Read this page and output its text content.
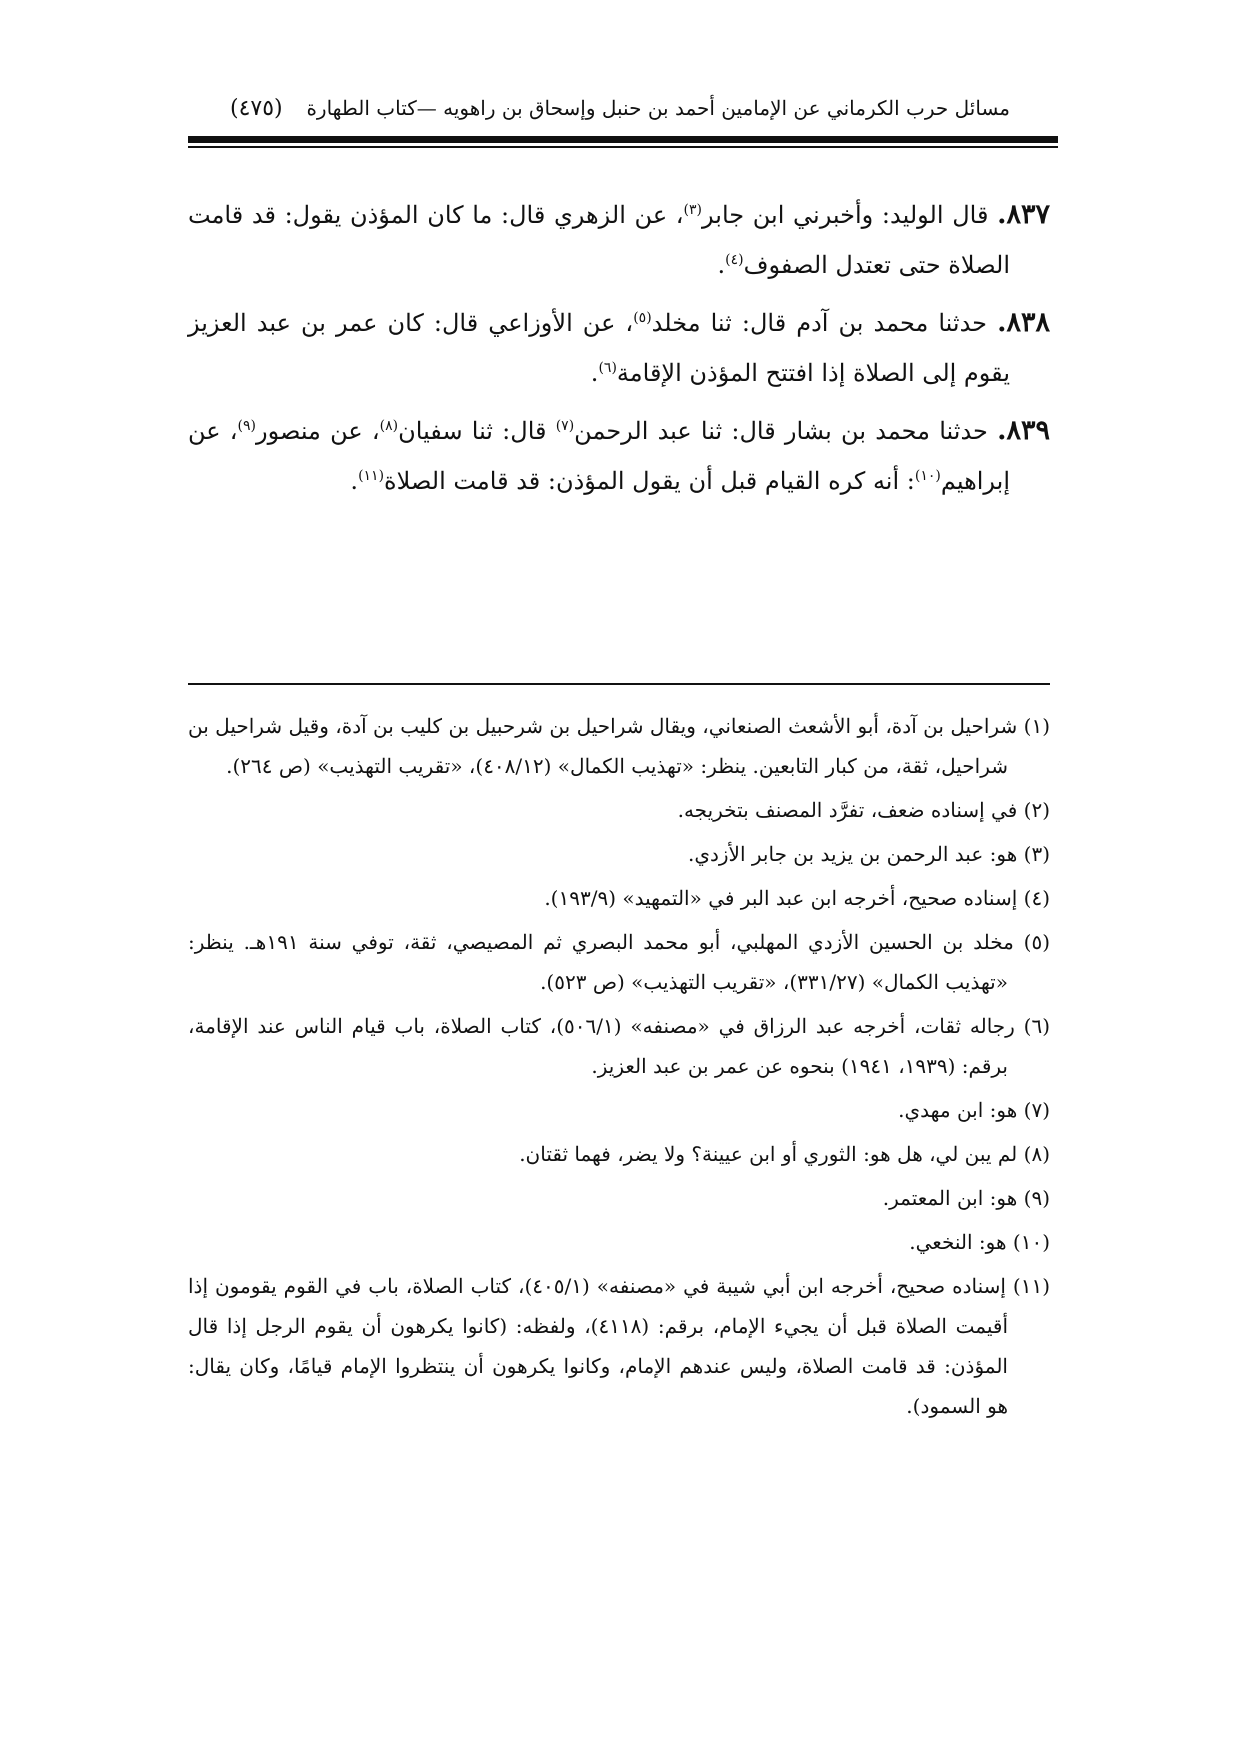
مسائل حرب الكرماني عن الإمامين أحمد بن حنبل وإسحاق بن راهويه —كتاب الطهارة
(٤٧٥)

٨٣٧. قال الوليد: وأخبرني ابن جابر$^{(٣)}$، عن الزهري قال: ما كان المؤذن يقول: قد قامت الصلاة حتى تعتدل الصفوف$^{(٤)}$.

٨٣٨. حدثنا محمد بن آدم قال: ثنا مخلد$^{(٥)}$، عن الأوزاعي قال: كان عمر بن عبد العزيز يقوم إلى الصلاة إذا افتتح المؤذن الإقامة$^{(٦)}$.

٨٣٩. حدثنا محمد بن بشار قال: ثنا عبد الرحمن$^{(٧)}$ قال: ثنا سفيان$^{(٨)}$، عن منصور$^{(٩)}$، عن إبراهيم$^{(١٠)}$: أنه كره القيام قبل أن يقول المؤذن: قد قامت الصلاة$^{(١١)}$.

(١) شراحيل بن آدة، أبو الأشعث الصنعاني، ويقال شراحيل بن شرحبيل بن كليب بن آدة، وقيل شراحيل بن شراحيل، ثقة، من كبار التابعين. ينظر: «تهذيب الكمال» (٤٠٨/١٢)، «تقريب التهذيب» (ص ٢٦٤).

(٢) في إسناده ضعف، تفرَّد المصنف بتخريجه.

(٣) هو: عبد الرحمن بن يزيد بن جابر الأزدي.

(٤) إسناده صحيح، أخرجه ابن عبد البر في «التمهيد» (١٩٣/٩).

(٥) مخلد بن الحسين الأزدي المهلبي، أبو محمد البصري ثم المصيصي، ثقة، توفي سنة ١٩١هـ. ينظر: «تهذيب الكمال» (٣٣١/٢٧)، «تقريب التهذيب» (ص ٥٢٣).

(٦) رجاله ثقات، أخرجه عبد الرزاق في «مصنفه» (٥٠٦/١)، كتاب الصلاة، باب قيام الناس عند الإقامة، برقم: (١٩٣٩، ١٩٤١) بنحوه عن عمر بن عبد العزيز.

(٧) هو: ابن مهدي.

(٨) لم يبن لي، هل هو: الثوري أو ابن عيينة؟ ولا يضر، فهما ثقتان.

(٩) هو: ابن المعتمر.

(١٠) هو: النخعي.

(١١) إسناده صحيح، أخرجه ابن أبي شيبة في «مصنفه» (٤٠٥/١)، كتاب الصلاة، باب في القوم يقومون إذا أقيمت الصلاة قبل أن يجيء الإمام، برقم: (٤١١٨)، ولفظه: (كانوا يكرهون أن يقوم الرجل إذا قال المؤذن: قد قامت الصلاة، وليس عندهم الإمام، وكانوا يكرهون أن ينتظروا الإمام قيامًا، وكان يقال: هو السمود).
